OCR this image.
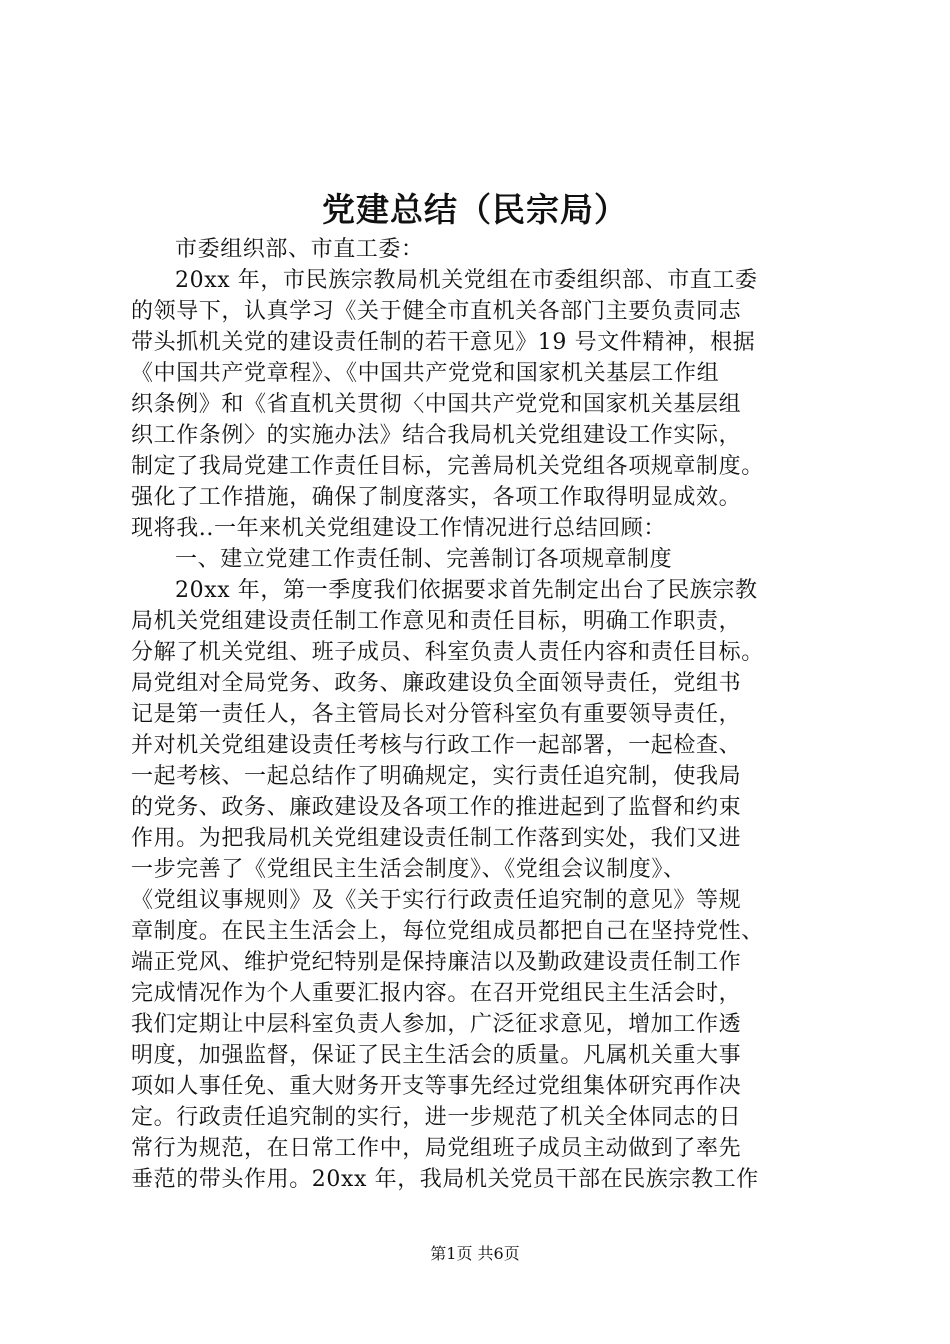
党建总结（民宗局）
市委组织部、市直工委：
20xx 年，市民族宗教局机关党组在市委组织部、市直工委
的领导下，认真学习《关于健全市直机关各部门主要负责同志
带头抓机关党的建设责任制的若干意见》19 号文件精神，根据
《中国共产党章程》、《中国共产党党和国家机关基层工作组
织条例》和《省直机关贯彻〈中国共产党党和国家机关基层组
织工作条例〉的实施办法》结合我局机关党组建设工作实际，
制定了我局党建工作责任目标，完善局机关党组各项规章制度。
强化了工作措施，确保了制度落实，各项工作取得明显成效。
现将我..一年来机关党组建设工作情况进行总结回顾：
一、建立党建工作责任制、完善制订各项规章制度
20xx 年，第一季度我们依据要求首先制定出台了民族宗教
局机关党组建设责任制工作意见和责任目标，明确工作职责，
分解了机关党组、班子成员、科室负责人责任内容和责任目标。
局党组对全局党务、政务、廉政建设负全面领导责任，党组书
记是第一责任人，各主管局长对分管科室负有重要领导责任，
并对机关党组建设责任考核与行政工作一起部署，一起检查、
一起考核、一起总结作了明确规定，实行责任追究制，使我局
的党务、政务、廉政建设及各项工作的推进起到了监督和约束
作用。为把我局机关党组建设责任制工作落到实处，我们又进
一步完善了《党组民主生活会制度》、《党组会议制度》、
《党组议事规则》及《关于实行行政责任追究制的意见》等规
章制度。在民主生活会上，每位党组成员都把自己在坚持党性、
端正党风、维护党纪特别是保持廉洁以及勤政建设责任制工作
完成情况作为个人重要汇报内容。在召开党组民主生活会时，
我们定期让中层科室负责人参加，广泛征求意见，增加工作透
明度，加强监督，保证了民主生活会的质量。凡属机关重大事
项如人事任免、重大财务开支等事先经过党组集体研究再作决
定。行政责任追究制的实行，进一步规范了机关全体同志的日
常行为规范，在日常工作中，局党组班子成员主动做到了率先
垂范的带头作用。20xx 年，我局机关党员干部在民族宗教工作
第1页 共6页
